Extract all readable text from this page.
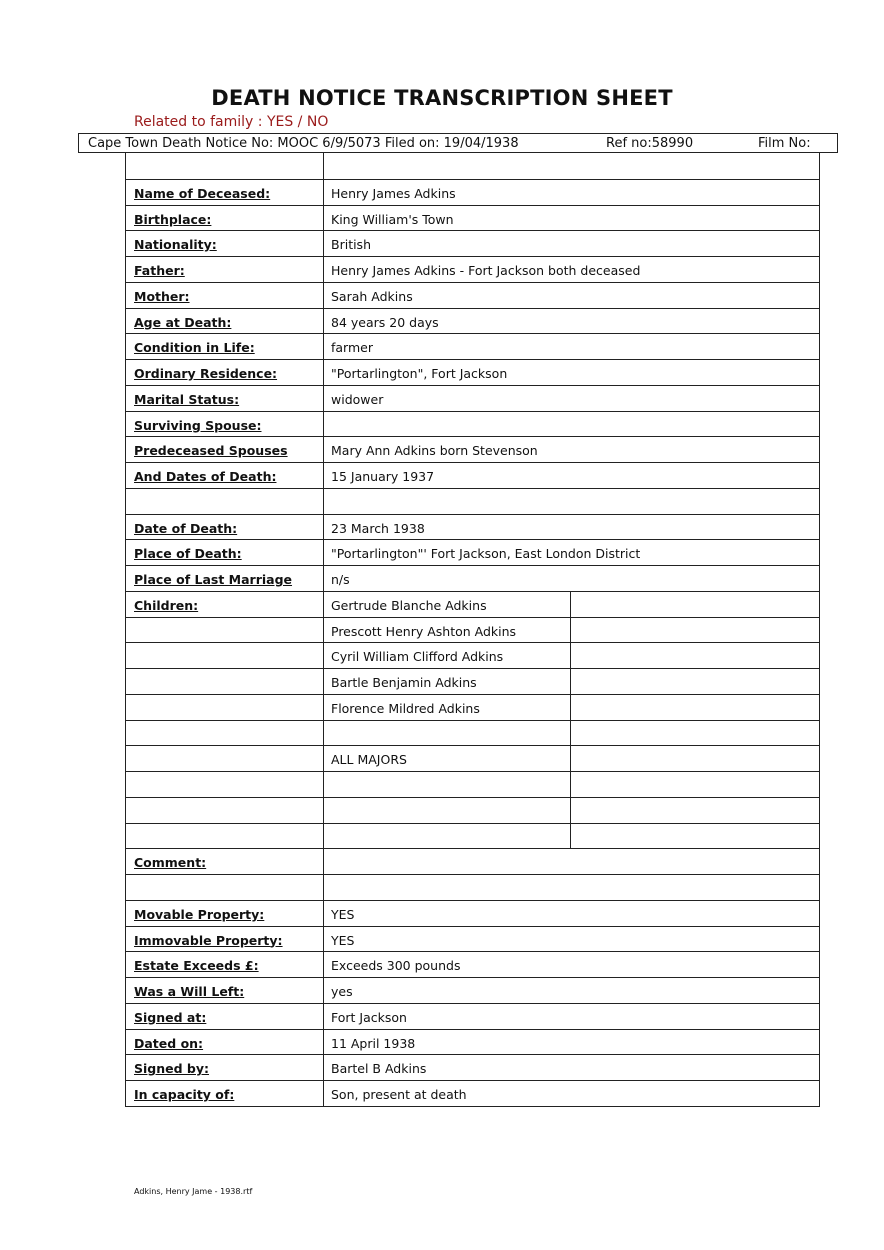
DEATH NOTICE TRANSCRIPTION SHEET
Related to family : YES / NO
Cape Town Death Notice No: MOOC 6/9/5073 Filed on: 19/04/1938	Ref no:58990	Film No:
Name of Deceased:	Henry James Adkins
Birthplace:	King William's Town
Nationality:	British
Father:	Henry James Adkins - Fort Jackson both deceased
Mother:	Sarah Adkins
Age at Death:	84 years 20 days
Condition in Life:	farmer
Ordinary Residence:	"Portarlington", Fort Jackson
Marital Status:	widower
Surviving Spouse:
Predeceased Spouses	Mary Ann Adkins born Stevenson
And Dates of Death:	15 January 1937
Date of Death:	23 March 1938
Place of Death:	"Portarlington"' Fort Jackson, East London District
Place of Last Marriage	n/s
Children:	Gertrude Blanche Adkins
Prescott Henry Ashton Adkins
Cyril William Clifford Adkins
Bartle Benjamin Adkins
Florence Mildred Adkins
ALL MAJORS
Comment:
Movable Property:	YES
Immovable Property:	YES
Estate Exceeds £:	Exceeds 300 pounds
Was a Will Left:	yes
Signed at:	Fort Jackson
Dated on:	11 April 1938
Signed by:	Bartel B Adkins
In capacity of:	Son, present at death
Adkins, Henry Jame - 1938.rtf
